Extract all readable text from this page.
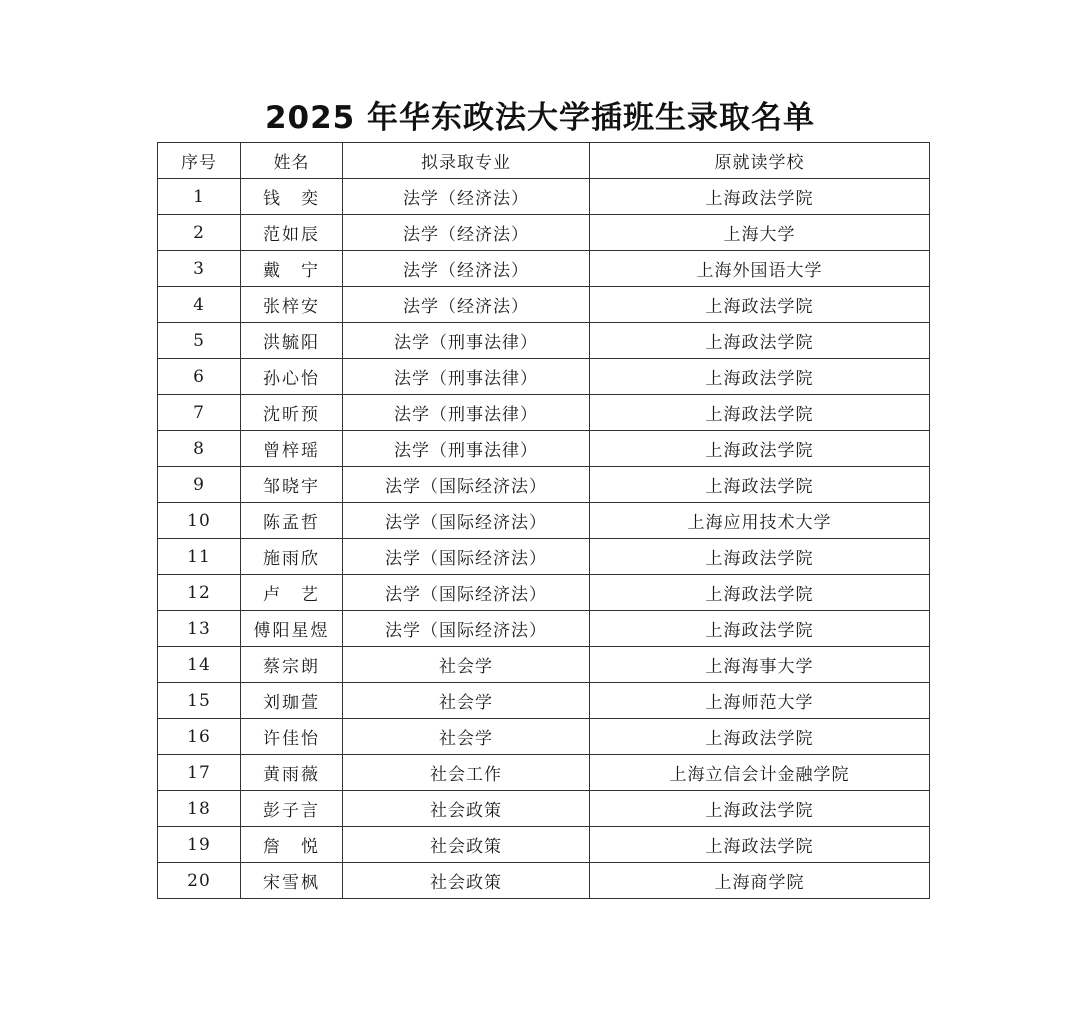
2025 年华东政法大学插班生录取名单
序号	姓名	拟录取专业	原就读学校
1	钱　奕	法学（经济法）	上海政法学院
2	范如辰	法学（经济法）	上海大学
3	戴　宁	法学（经济法）	上海外国语大学
4	张梓安	法学（经济法）	上海政法学院
5	洪毓阳	法学（刑事法律）	上海政法学院
6	孙心怡	法学（刑事法律）	上海政法学院
7	沈昕预	法学（刑事法律）	上海政法学院
8	曾梓瑶	法学（刑事法律）	上海政法学院
9	邹晓宇	法学（国际经济法）	上海政法学院
10	陈孟哲	法学（国际经济法）	上海应用技术大学
11	施雨欣	法学（国际经济法）	上海政法学院
12	卢　艺	法学（国际经济法）	上海政法学院
13	傅阳星煜	法学（国际经济法）	上海政法学院
14	蔡宗朗	社会学	上海海事大学
15	刘珈萱	社会学	上海师范大学
16	许佳怡	社会学	上海政法学院
17	黄雨薇	社会工作	上海立信会计金融学院
18	彭子言	社会政策	上海政法学院
19	詹　悦	社会政策	上海政法学院
20	宋雪枫	社会政策	上海商学院
